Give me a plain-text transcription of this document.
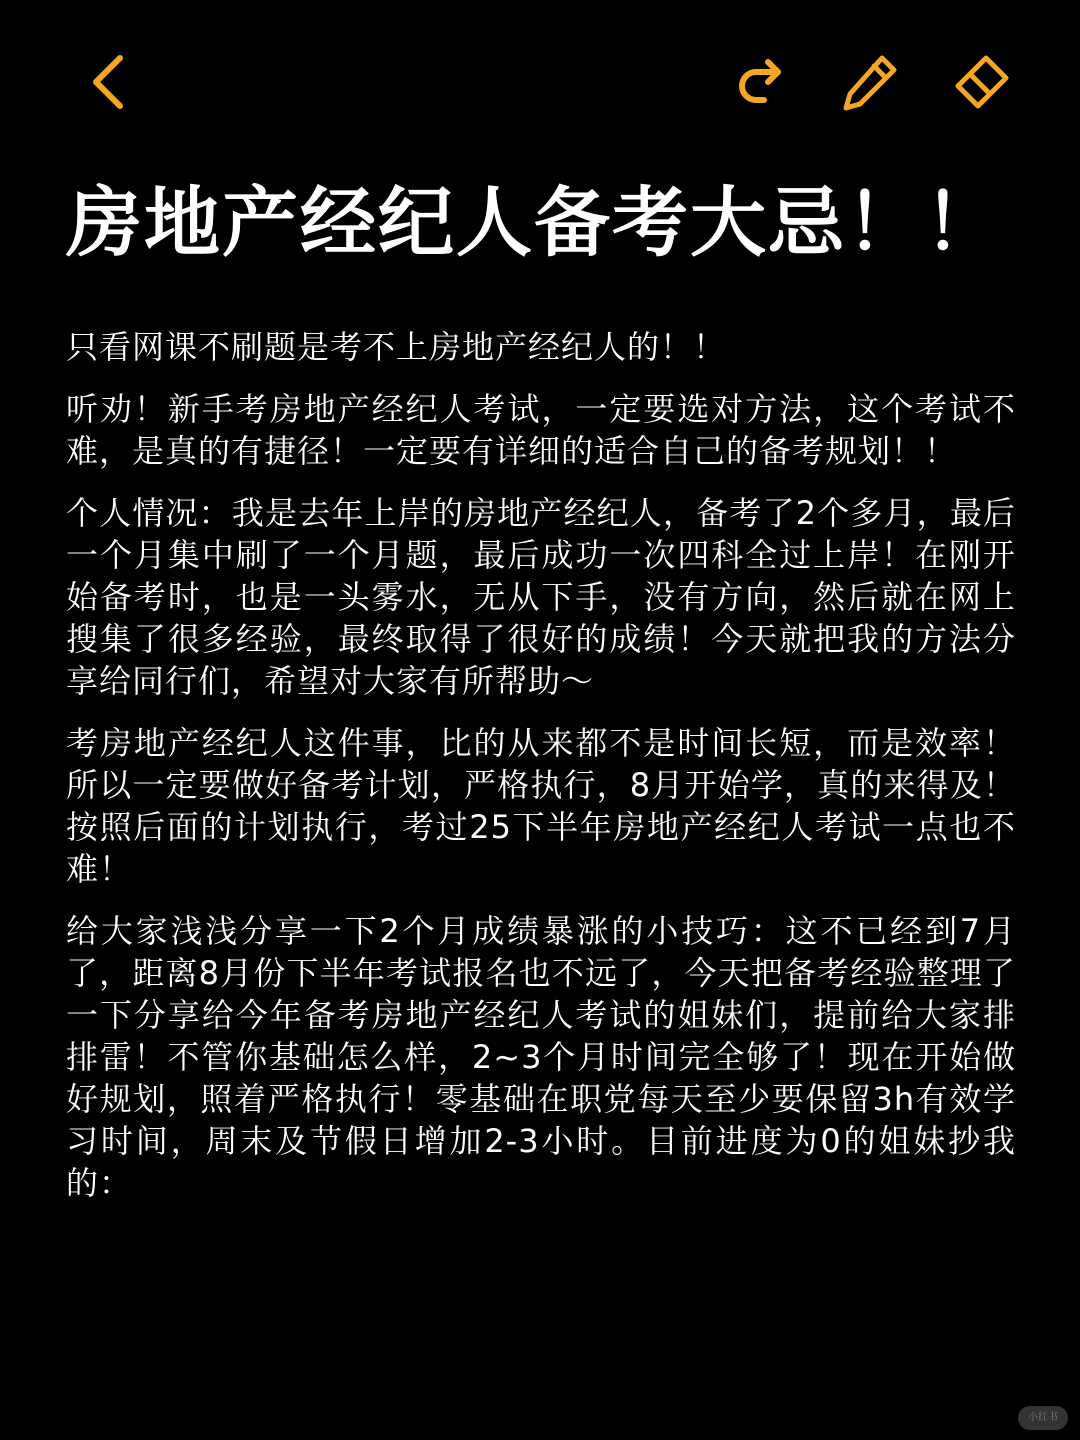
房地产经纪人备考大忌！！

只看网课不刷题是考不上房地产经纪人的！！

听劝！新手考房地产经纪人考试，一定要选对方法，这个考试不难，是真的有捷径！一定要有详细的适合自己的备考规划！！

个人情况：我是去年上岸的房地产经纪人，备考了2个多月，最后一个月集中刷了一个月题，最后成功一次四科全过上岸！在刚开始备考时，也是一头雾水，无从下手，没有方向，然后就在网上搜集了很多经验，最终取得了很好的成绩！今天就把我的方法分享给同行们，希望对大家有所帮助～

考房地产经纪人这件事，比的从来都不是时间长短，而是效率！所以一定要做好备考计划，严格执行，8月开始学，真的来得及！按照后面的计划执行，考过25下半年房地产经纪人考试一点也不难！

给大家浅浅分享一下2个月成绩暴涨的小技巧：这不已经到7月了，距离8月份下半年考试报名也不远了，今天把备考经验整理了一下分享给今年备考房地产经纪人考试的姐妹们，提前给大家排排雷！不管你基础怎么样，2~3个月时间完全够了！现在开始做好规划，照着严格执行！零基础在职党每天至少要保留3h有效学习时间，周末及节假日增加2-3小时。目前进度为0的姐妹抄我的：

小红书
